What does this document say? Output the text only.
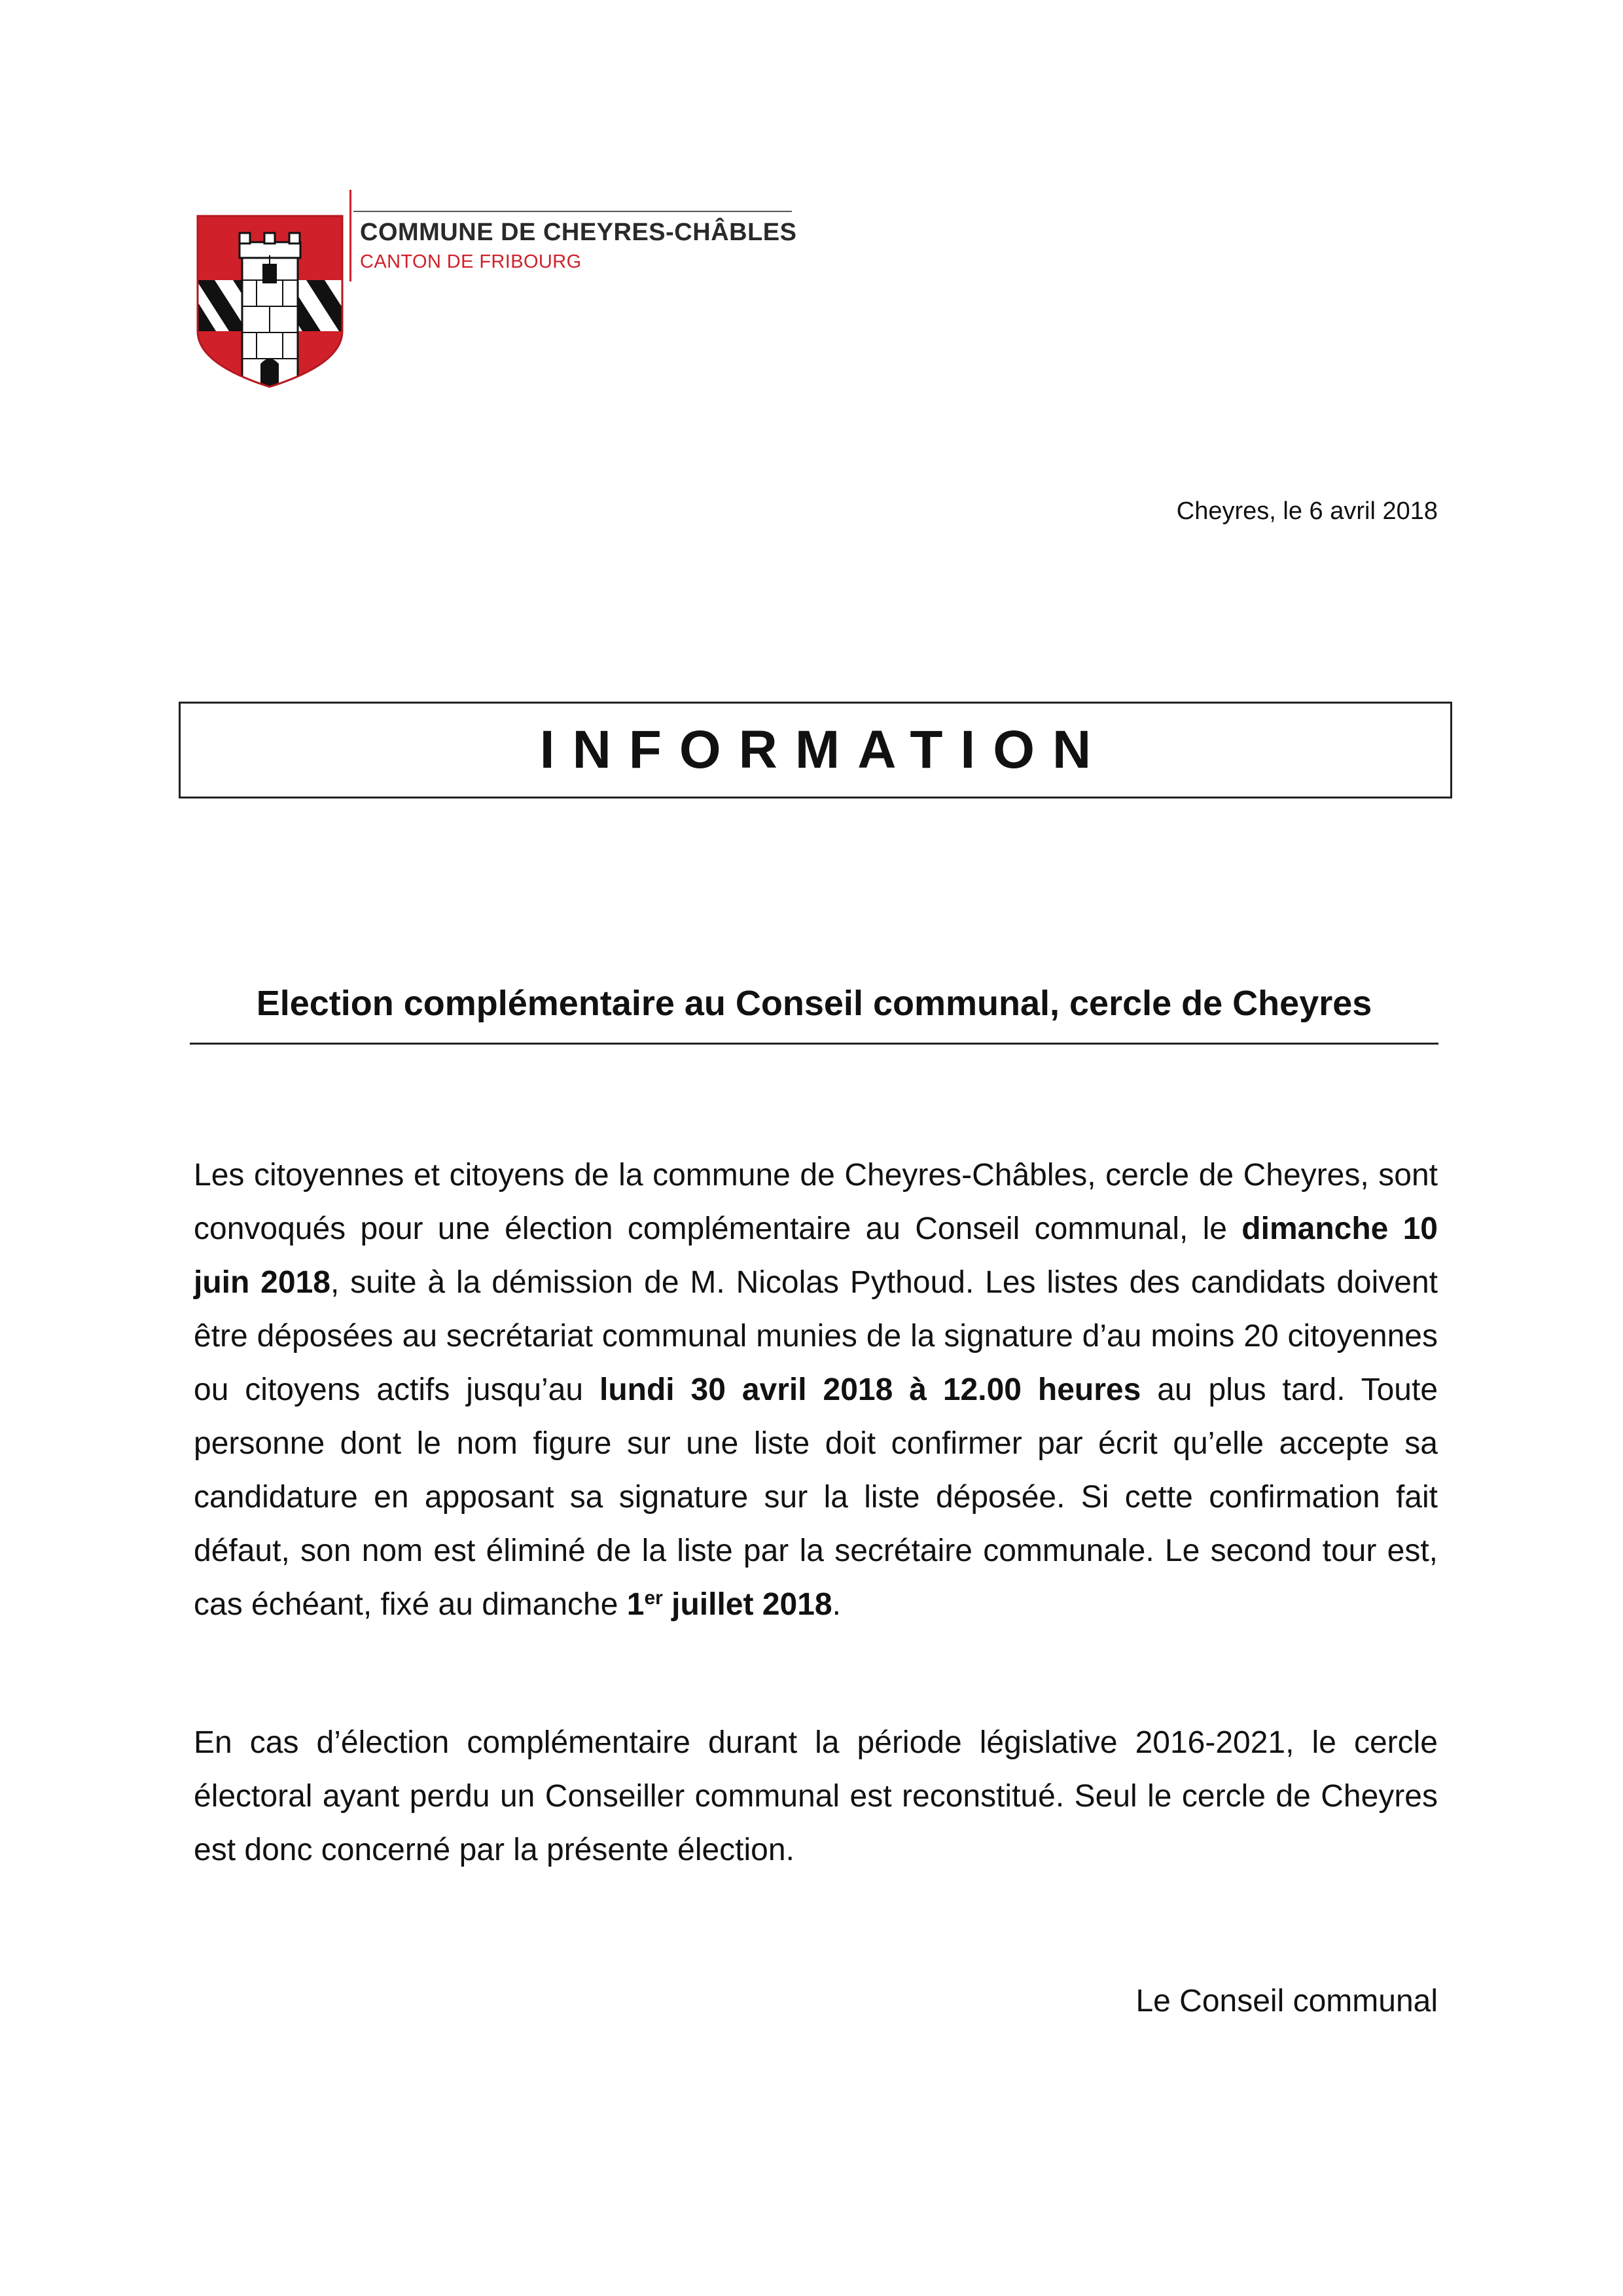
COMMUNE DE CHEYRES-CHÂBLES
CANTON DE FRIBOURG
Cheyres, le 6 avril 2018
INFORMATION
Election complémentaire au Conseil communal, cercle de Cheyres

Les citoyennes et citoyens de la commune de Cheyres-Châbles, cercle de Cheyres, sont convoqués pour une élection complémentaire au Conseil communal, le dimanche 10 juin 2018, suite à la démission de M. Nicolas Pythoud. Les listes des candidats doivent être déposées au secrétariat communal munies de la signature d’au moins 20 citoyennes ou citoyens actifs jusqu’au lundi 30 avril 2018 à 12.00 heures au plus tard. Toute personne dont le nom figure sur une liste doit confirmer par écrit qu’elle accepte sa candidature en apposant sa signature sur la liste déposée. Si cette confirmation fait défaut, son nom est éliminé de la liste par la secrétaire communale. Le second tour est, cas échéant, fixé au dimanche 1er juillet 2018.

En cas d’élection complémentaire durant la période législative 2016-2021, le cercle électoral ayant perdu un Conseiller communal est reconstitué. Seul le cercle de Cheyres est donc concerné par la présente élection.

Le Conseil communal
